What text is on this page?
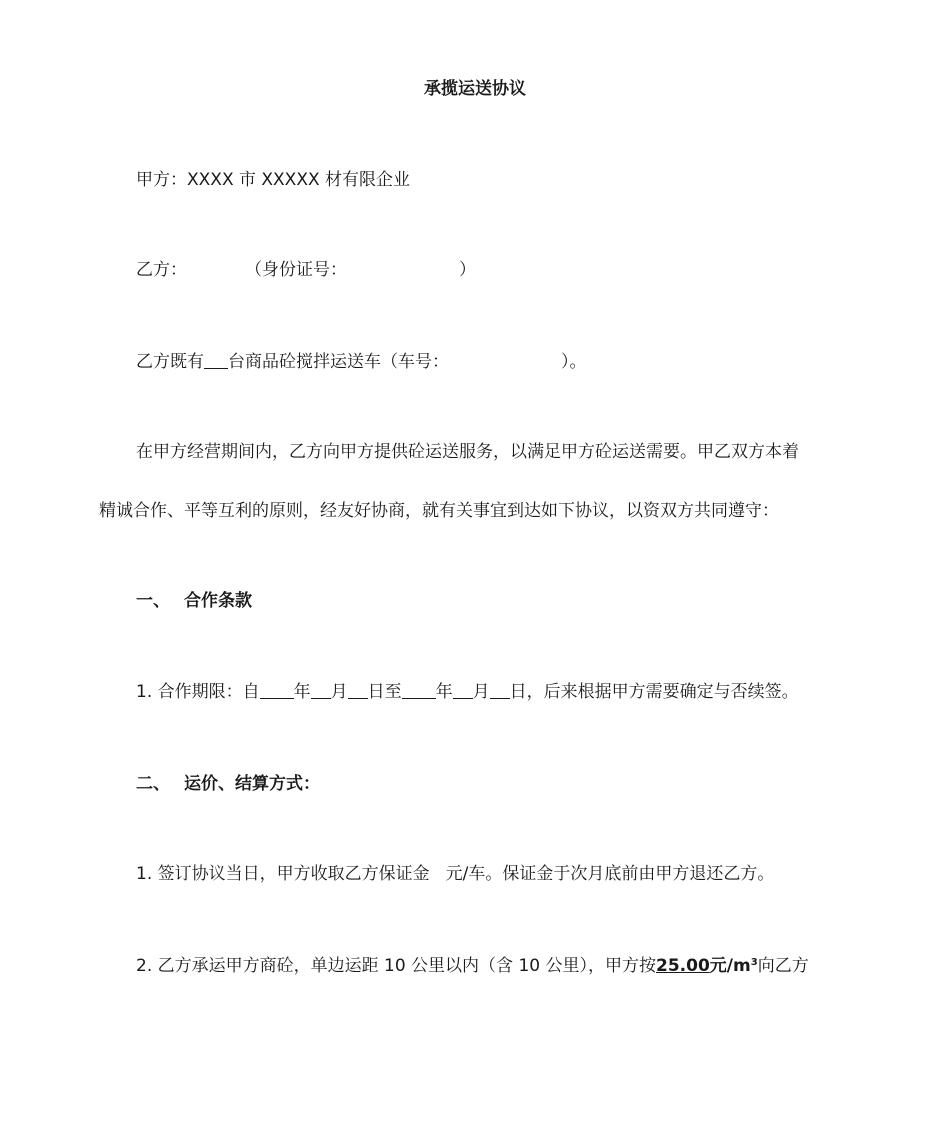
承揽运送协议
甲方：XXXX 市 XXXXX 材有限企业
乙方：	（身份证号：	）
乙方既有 台商品砼搅拌运送车（车号：	）。
在甲方经营期间内，乙方向甲方提供砼运送服务，以满足甲方砼运送需要。甲乙双方本着
精诚合作、平等互利的原则，经友好协商，就有关事宜到达如下协议，以资双方共同遵守：
一、 合作条款
1. 合作期限：自 年 月 日至 年 月 日，后来根据甲方需要确定与否续签。
二、 运价、结算方式：
1. 签订协议当日，甲方收取乙方保证金 元/车。保证金于次月底前由甲方退还乙方。
2. 乙方承运甲方商砼，单边运距 10 公里以内（含 10 公里），甲方按25.00元$/m^3$向乙方
